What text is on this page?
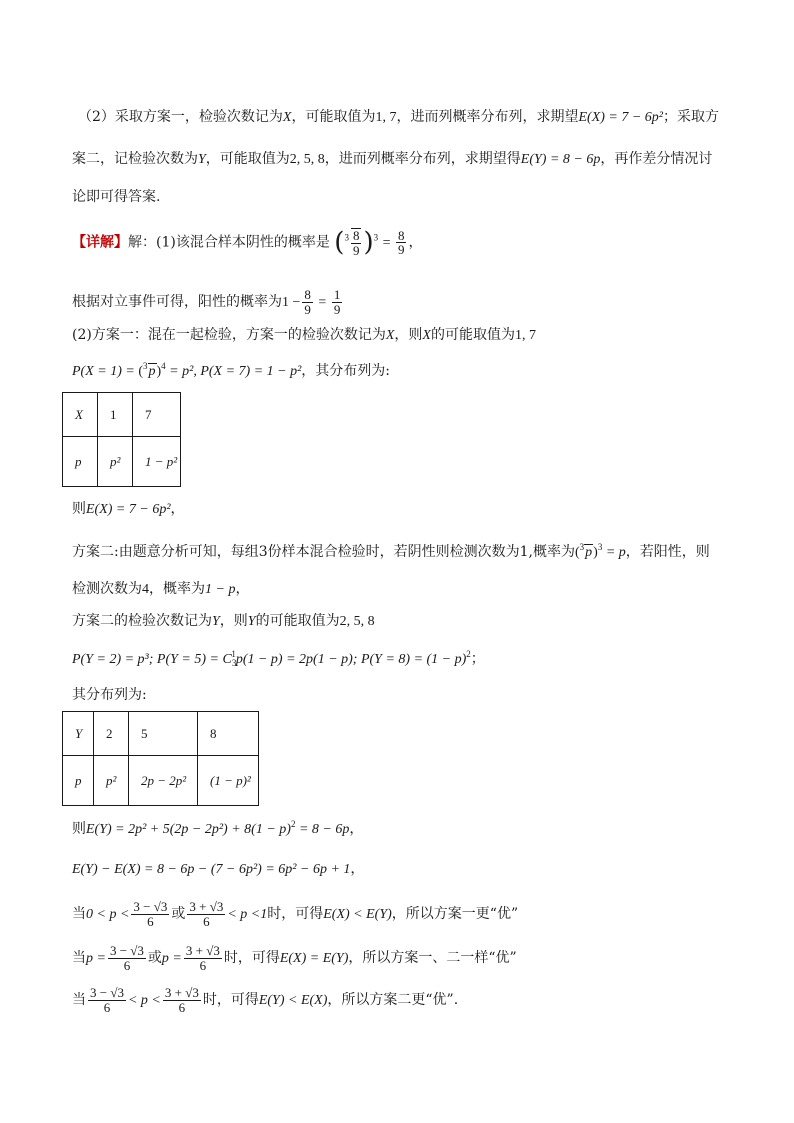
（2）采取方案一，检验次数记为X，可能取值为1, 7，进而列概率分布列，求期望E(X) = 7 − 6p²；采取方
案二，记检验次数为Y，可能取值为2, 5, 8，进而列概率分布列，求期望得E(Y) = 8 − 6p，再作差分情况讨
论即可得答案.
【详解】解：(1)该混合样本阴性的概率是 $(^3 \frac{8}{9} )^3 = \frac{8}{9}$ ，
根据对立事件可得，阳性的概率为$1 - \frac{8}{9} = \frac{1}{9}$
(2)方案一：混在一起检验，方案一的检验次数记为X，则X的可能取值为1, 7
$P(X = 1) = (^3p)^4 = p^2$, P(X = 7) = 1 − p²，其分布列为:
X	1	7
p	p²	1 − p²
则E(X) = 7 − 6p²，
方案二:由题意分析可知，每组3份样本混合检验时，若阴性则检测次数为1,概率为$(^3p)^3 = p$，若阳性，则
检测次数为4，概率为1 − p，
方案二的检验次数记为Y，则Y的可能取值为2, 5, 8
P(Y = 2) = p³; $P(Y = 5) = C_3^1p(1 - p) = 2p(1 - p)$; $P(Y = 8) = (1 - p)^2$；
其分布列为:
Y	2	5	8
p	p²	2p − 2p²	(1 − p)²
则$E(Y) = 2p^2 + 5(2p - 2p^2) + 8(1 - p)^2 = 8 - 6p$，
E(Y) − E(X) = 8 − 6p − (7 − 6p²) = 6p² − 6p + 1，
当$0 < p < \frac{3 - √3}{6}$ 或 $\frac{3 + √3}{6} < p <1$时，可得E(X) < E(Y)，所以方案一更“优”
当$p = \frac{3 - √3}{6}$ 或$p = \frac{3 + √3}{6}$ 时，可得E(X) = E(Y)，所以方案一、二一样“优”
当 $\frac{3 - √3}{6} < p < \frac{3 + √3}{6}$ 时，可得E(Y) < E(X)，所以方案二更“优”.
